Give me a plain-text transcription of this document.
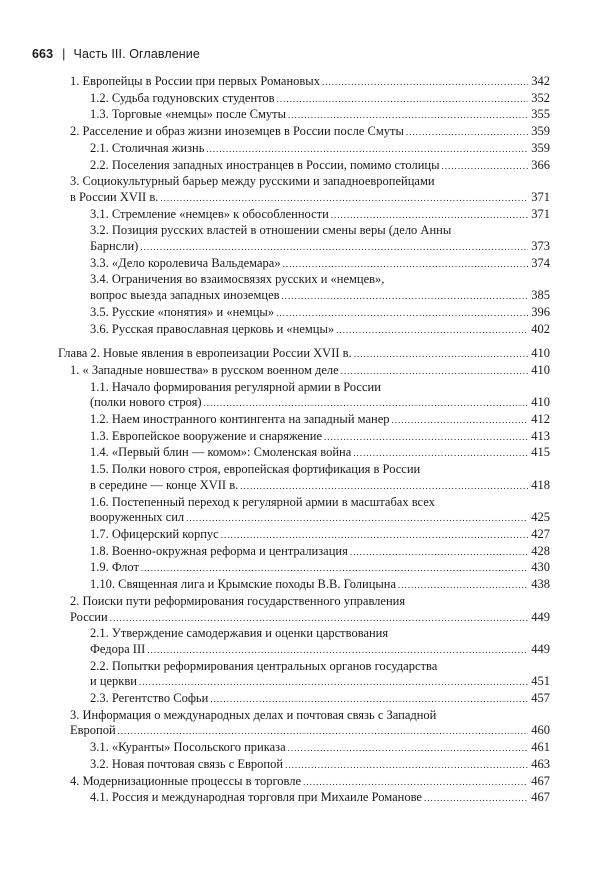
663 | Часть III. Оглавление
1. Европейцы в России при первых Романовых .....	342
1.2. Судьба годуновских студентов .....	352
1.3. Торговые «немцы» после Смуты .....	355
2. Расселение и образ жизни иноземцев в России после Смуты .....	359
2.1. Столичная жизнь .....	359
2.2. Поселения западных иностранцев в России, помимо столицы .....	366
3. Социокультурный барьер между русскими и западноевропейцами
в России XVII в. .....	371
3.1. Стремление «немцев» к обособленности .....	371
3.2. Позиция русских властей в отношении смены веры (дело Анны
Барнсли) .....	373
3.3. «Дело королевича Вальдемара» .....	374
3.4. Ограничения во взаимосвязях русских и «немцев»,
вопрос выезда западных иноземцев .....	385
3.5. Русские «понятия» и «немцы» .....	396
3.6. Русская православная церковь и «немцы» .....	402
Глава 2. Новые явления в европеизации России XVII в. .....	410
1. « Западные новшества» в русском военном деле .....	410
1.1. Начало формирования регулярной армии в России
(полки нового строя) .....	410
1.2. Наем иностранного контингента на западный манер .....	412
1.3. Европейское вооружение и снаряжение .....	413
1.4. «Первый блин — комом»: Смоленская война .....	415
1.5. Полки нового строя, европейская фортификация в России
в середине — конце XVII в. .....	418
1.6. Постепенный переход к регулярной армии в масштабах всех
вооруженных сил .....	425
1.7. Офицерский корпус .....	427
1.8. Военно-окружная реформа и централизация .....	428
1.9. Флот .....	430
1.10. Священная лига и Крымские походы В.В. Голицына .....	438
2. Поиски пути реформирования государственного управления
России .....	449
2.1. Утверждение самодержавия и оценки царствования
Федора III .....	449
2.2. Попытки реформирования центральных органов государства
и церкви .....	451
2.3. Регентство Софьи .....	457
3. Информация о международных делах и почтовая связь с Западной
Европой .....	460
3.1. «Куранты» Посольского приказа .....	461
3.2. Новая почтовая связь с Европой .....	463
4. Модернизационные процессы в торговле .....	467
4.1. Россия и международная торговля при Михаиле Романове .....	467
